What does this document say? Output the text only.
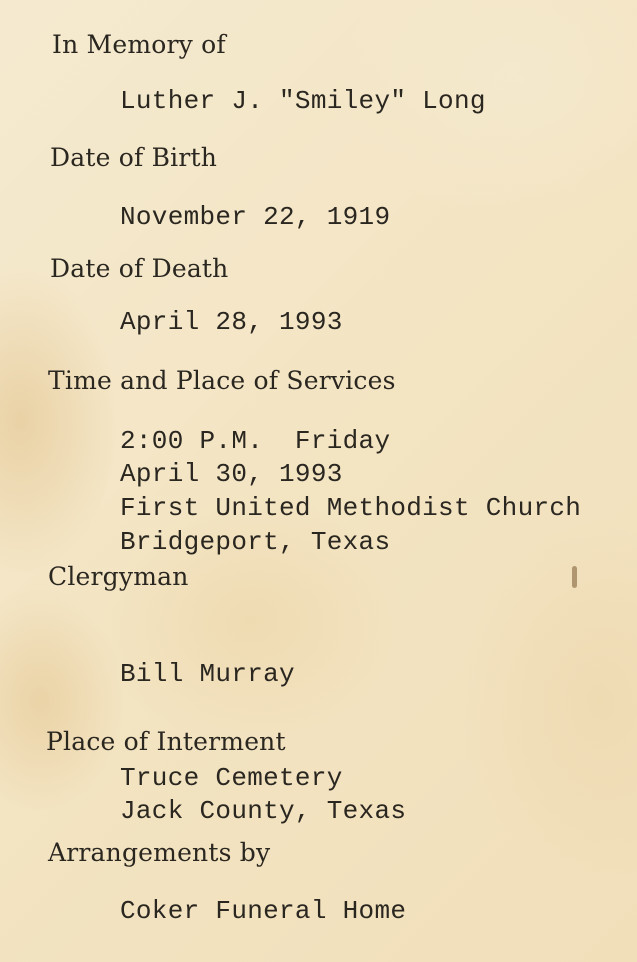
In Memory of
Luther J. "Smiley" Long
Date of Birth
November 22, 1919
Date of Death
April 28, 1993
Time and Place of Services
2:00 P.M.  Friday
April 30, 1993
First United Methodist Church
Bridgeport, Texas
Clergyman
Bill Murray
Place of Interment
Truce Cemetery
Jack County, Texas
Arrangements by
Coker Funeral Home
